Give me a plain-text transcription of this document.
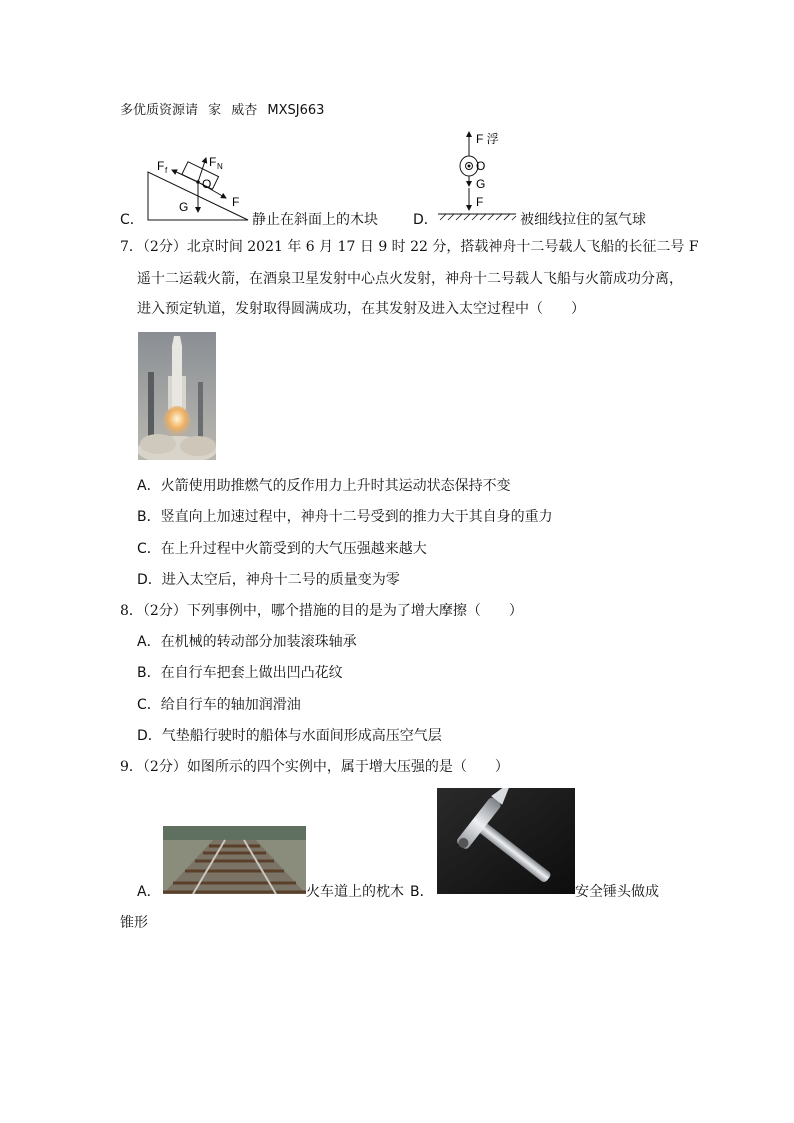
多优质资源请 家 威杏 MXSJ663
C．
F f
F N
O
G	F
静止在斜面上的木块	D．
F 浮
O
G
F
被细线拉住的氢气球
7．（2分）北京时间 2021 年 6 月 17 日 9 时 22 分，搭载神舟十二号载人飞船的长征二号 F
遥十二运载火箭，在酒泉卫星发射中心点火发射，神舟十二号载人飞船与火箭成功分离，
进入预定轨道，发射取得圆满成功，在其发射及进入太空过程中（　　）
A．火箭使用助推燃气的反作用力上升时其运动状态保持不变
B．竖直向上加速过程中，神舟十二号受到的推力大于其自身的重力
C．在上升过程中火箭受到的大气压强越来越大
D．进入太空后，神舟十二号的质量变为零
8．（2分）下列事例中，哪个措施的目的是为了增大摩擦（　　）
A．在机械的转动部分加装滚珠轴承
B．在自行车把套上做出凹凸花纹
C．给自行车的轴加润滑油
D．气垫船行驶时的船体与水面间形成高压空气层
9．（2分）如图所示的四个实例中，属于增大压强的是（　　）
A．	火车道上的枕木 B．	安全锤头做成
锥形
